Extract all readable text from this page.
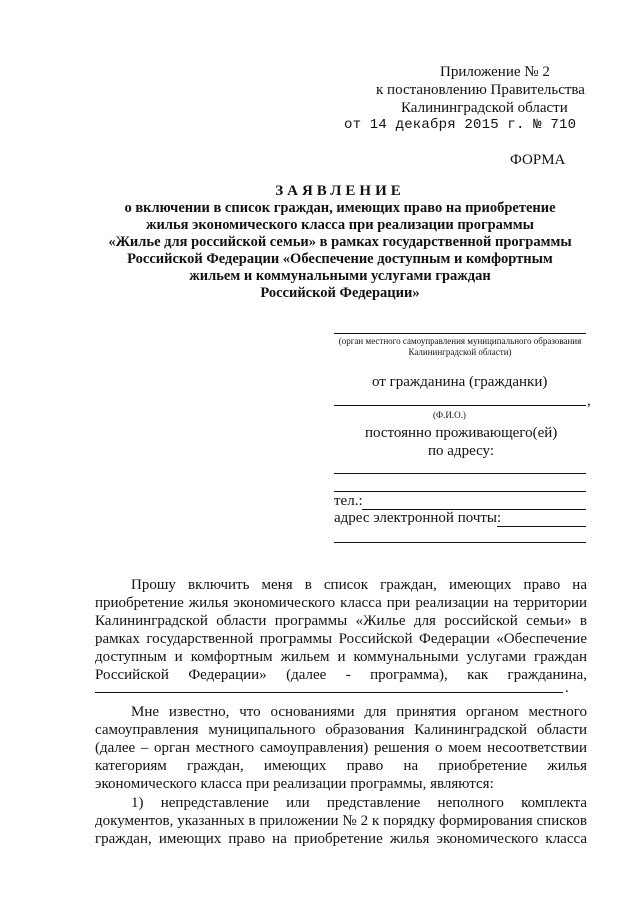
Приложение № 2
к постановлению Правительства
Калининградской области
от 14 декабря 2015 г. № 710
ФОРМА
ЗАЯВЛЕНИЕ
о включении в список граждан, имеющих право на приобретение
жилья экономического класса при реализации программы
«Жилье для российской семьи» в рамках государственной программы
Российской Федерации «Обеспечение доступным и комфортным
жильем и коммунальными услугами граждан
Российской Федерации»
(орган местного самоуправления муниципального образования
Калининградской области)
от гражданина (гражданки)
,
(Ф.И.О.)
постоянно проживающего(ей)
по адресу:
тел.:
адрес электронной почты:
Прошу включить меня в список граждан, имеющих право на
приобретение жилья экономического класса при реализации на территории
Калининградской области программы «Жилье для российской семьи» в
рамках государственной программы Российской Федерации «Обеспечение
доступным и комфортным жильем и коммунальными услугами граждан
Российской Федерации» (далее - программа), как гражданина,
.
Мне известно, что основаниями для принятия органом местного
самоуправления муниципального образования Калининградской области
(далее – орган местного самоуправления) решения о моем несоответствии
категориям граждан, имеющих право на приобретение жилья
экономического класса при реализации программы, являются:
1) непредставление или представление неполного комплекта
документов, указанных в приложении № 2 к порядку формирования списков
граждан, имеющих право на приобретение жилья экономического класса
